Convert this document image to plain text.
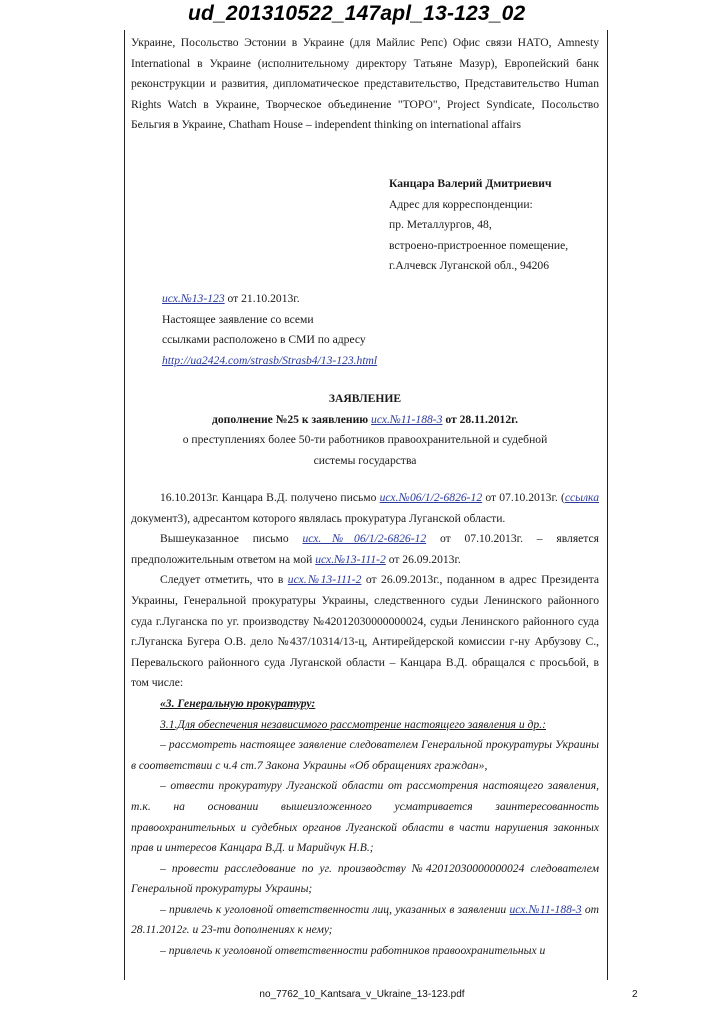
ud_201310522_147apl_13-123_02

Украине, Посольство Эстонии в Украине (для Майлис Репс) Офис связи НАТО, Amnesty International в Украине (исполнительному директору Татьяне Мазур), Европейский банк реконструкции и развития, дипломатическое представительство, Представительство Human Rights Watch в Украине, Творческое объединение "ТОРО", Project Syndicate, Посольство Бельгия в Украине, Chatham House – independent thinking on international affairs

Канцара Валерий Дмитриевич
Адрес для корреспонденции:
пр. Металлургов, 48,
встроено-пристроенное помещение,
г.Алчевск Луганской обл., 94206
исх.№13-123 от 21.10.2013г.
Настоящее заявление со всеми
ссылками расположено в СМИ по адресу
http://ua2424.com/strasb/Strasb4/13-123.html
ЗАЯВЛЕНИЕ
дополнение №25 к заявлению исх.№11-188-3 от 28.11.2012г.
о преступлениях более 50-ти работников правоохранительной и судебной
системы государства

16.10.2013г. Канцара В.Д. получено письмо исх.№06/1/2-6826-12 от 07.10.2013г. (ссылка документ3), адресантом которого являлась прокуратура Луганской области.

Вышеуказанное письмо исх.№06/1/2-6826-12 от 07.10.2013г. – является предположительным ответом на мой исх.№13-111-2 от 26.09.2013г.

Следует отметить, что в исх.№13-111-2 от 26.09.2013г., поданном в адрес Президента Украины, Генеральной прокуратуры Украины, следственного судьи Ленинского районного суда г.Луганска по уг. производству №42012030000000024, судьи Ленинского районного суда г.Луганска Бугера О.В. дело №437/10314/13-ц, Антирейдерской комиссии г-ну Арбузову С., Перевальского районного суда Луганской области – Канцара В.Д. обращался с просьбой, в том числе:

«3. Генеральную прокуратуру:

3.1.Для обеспечения независимого рассмотрение настоящего заявления и др.:

– рассмотреть настоящее заявление следователем Генеральной прокуратуры Украины в соответствии с ч.4 ст.7 Закона Украины «Об обращениях граждан»,

– отвести прокуратуру Луганской области от рассмотрения настоящего заявления, т.к. на основании вышеизложенного усматривается заинтересованность правоохранительных и судебных органов Луганской области в части нарушения законных прав и интересов Канцара В.Д. и Марийчук Н.В.;

– провести расследование по уг. производству №42012030000000024 следователем Генеральной прокуратуры Украины;

– привлечь к уголовной ответственности лиц, указанных в заявлении исх.№11-188-3 от 28.11.2012г. и 23-ти дополнениях к нему;

– привлечь к уголовной ответственности работников правоохранительных и

no_7762_10_Kantsara_v_Ukraine_13-123.pdf	2
